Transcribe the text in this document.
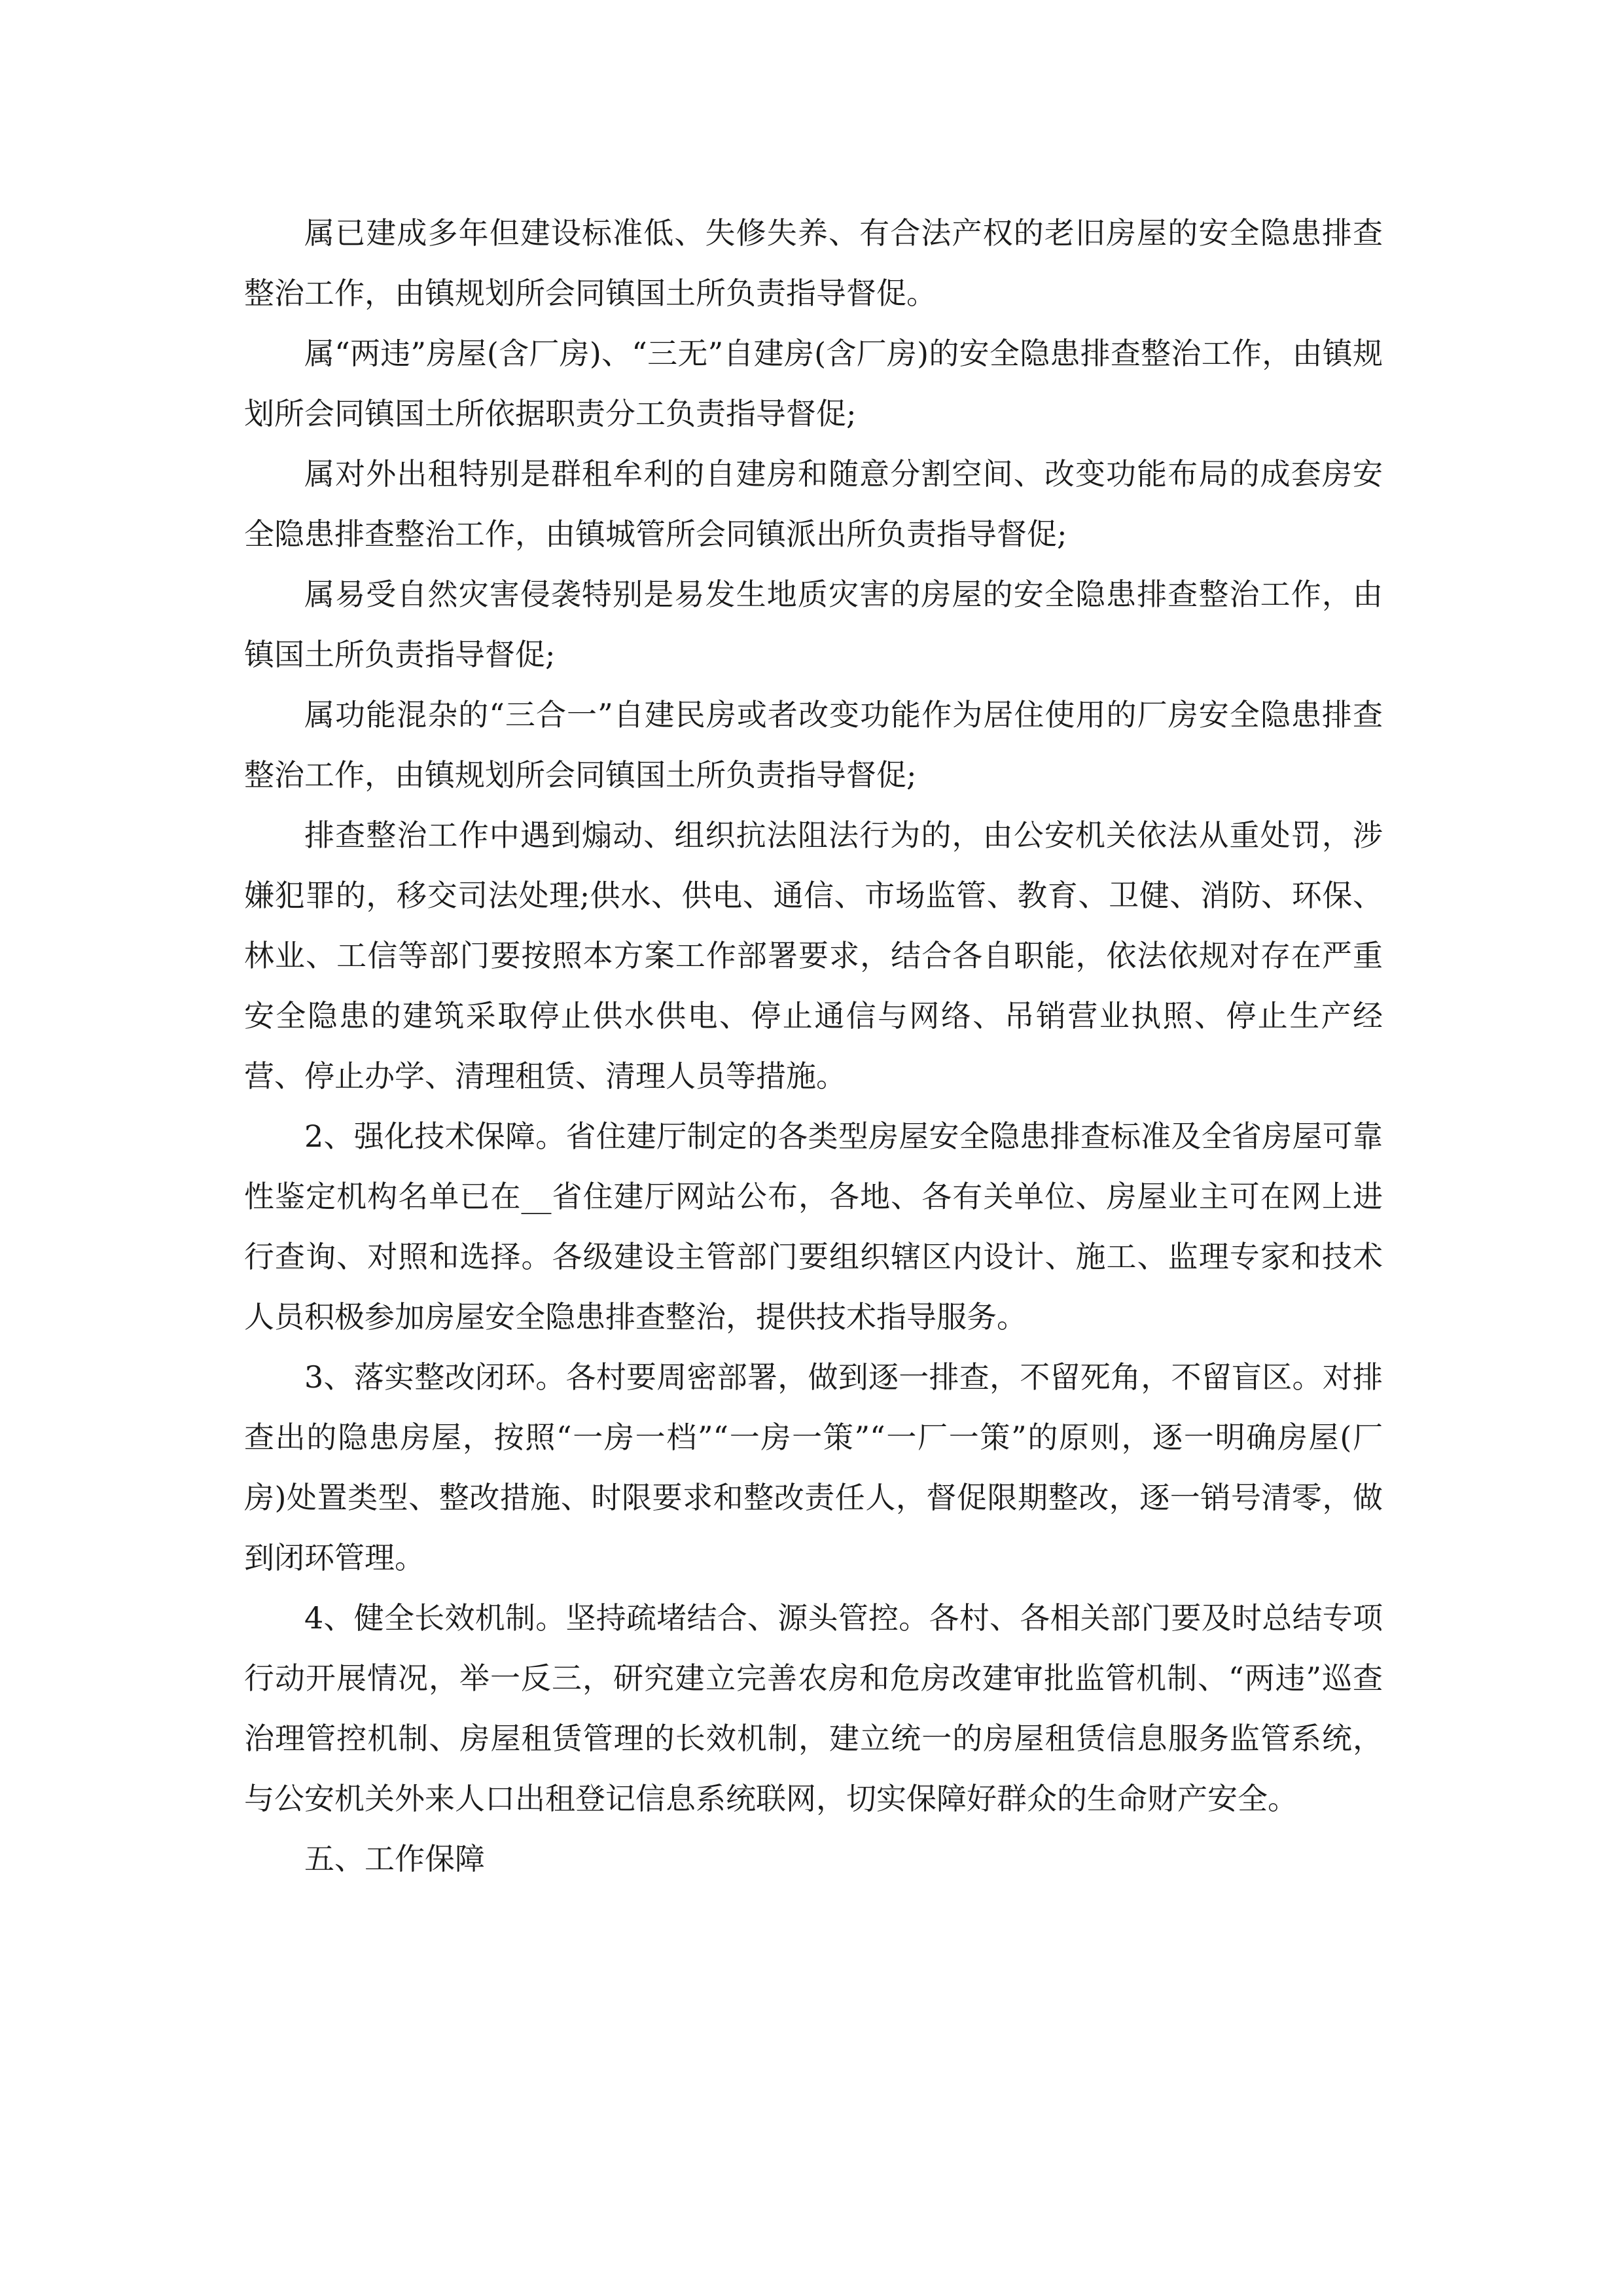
属已建成多年但建设标准低、失修失养、有合法产权的老旧房屋的安全隐患排查整治工作，由镇规划所会同镇国土所负责指导督促。

属“两违”房屋(含厂房)、“三无”自建房(含厂房)的安全隐患排查整治工作，由镇规划所会同镇国土所依据职责分工负责指导督促;

属对外出租特别是群租牟利的自建房和随意分割空间、改变功能布局的成套房安全隐患排查整治工作，由镇城管所会同镇派出所负责指导督促;

属易受自然灾害侵袭特别是易发生地质灾害的房屋的安全隐患排查整治工作，由镇国土所负责指导督促;

属功能混杂的“三合一”自建民房或者改变功能作为居住使用的厂房安全隐患排查整治工作，由镇规划所会同镇国土所负责指导督促;

排查整治工作中遇到煽动、组织抗法阻法行为的，由公安机关依法从重处罚，涉嫌犯罪的，移交司法处理;供水、供电、通信、市场监管、教育、卫健、消防、环保、林业、工信等部门要按照本方案工作部署要求，结合各自职能，依法依规对存在严重安全隐患的建筑采取停止供水供电、停止通信与网络、吊销营业执照、停止生产经营、停止办学、清理租赁、清理人员等措施。

2、强化技术保障。省住建厅制定的各类型房屋安全隐患排查标准及全省房屋可靠性鉴定机构名单已在__省住建厅网站公布，各地、各有关单位、房屋业主可在网上进行查询、对照和选择。各级建设主管部门要组织辖区内设计、施工、监理专家和技术人员积极参加房屋安全隐患排查整治，提供技术指导服务。

3、落实整改闭环。各村要周密部署，做到逐一排查，不留死角，不留盲区。对排查出的隐患房屋，按照“一房一档”“一房一策”“一厂一策”的原则，逐一明确房屋(厂房)处置类型、整改措施、时限要求和整改责任人，督促限期整改，逐一销号清零，做到闭环管理。

4、健全长效机制。坚持疏堵结合、源头管控。各村、各相关部门要及时总结专项行动开展情况，举一反三，研究建立完善农房和危房改建审批监管机制、“两违”巡查治理管控机制、房屋租赁管理的长效机制，建立统一的房屋租赁信息服务监管系统，与公安机关外来人口出租登记信息系统联网，切实保障好群众的生命财产安全。

五、工作保障
